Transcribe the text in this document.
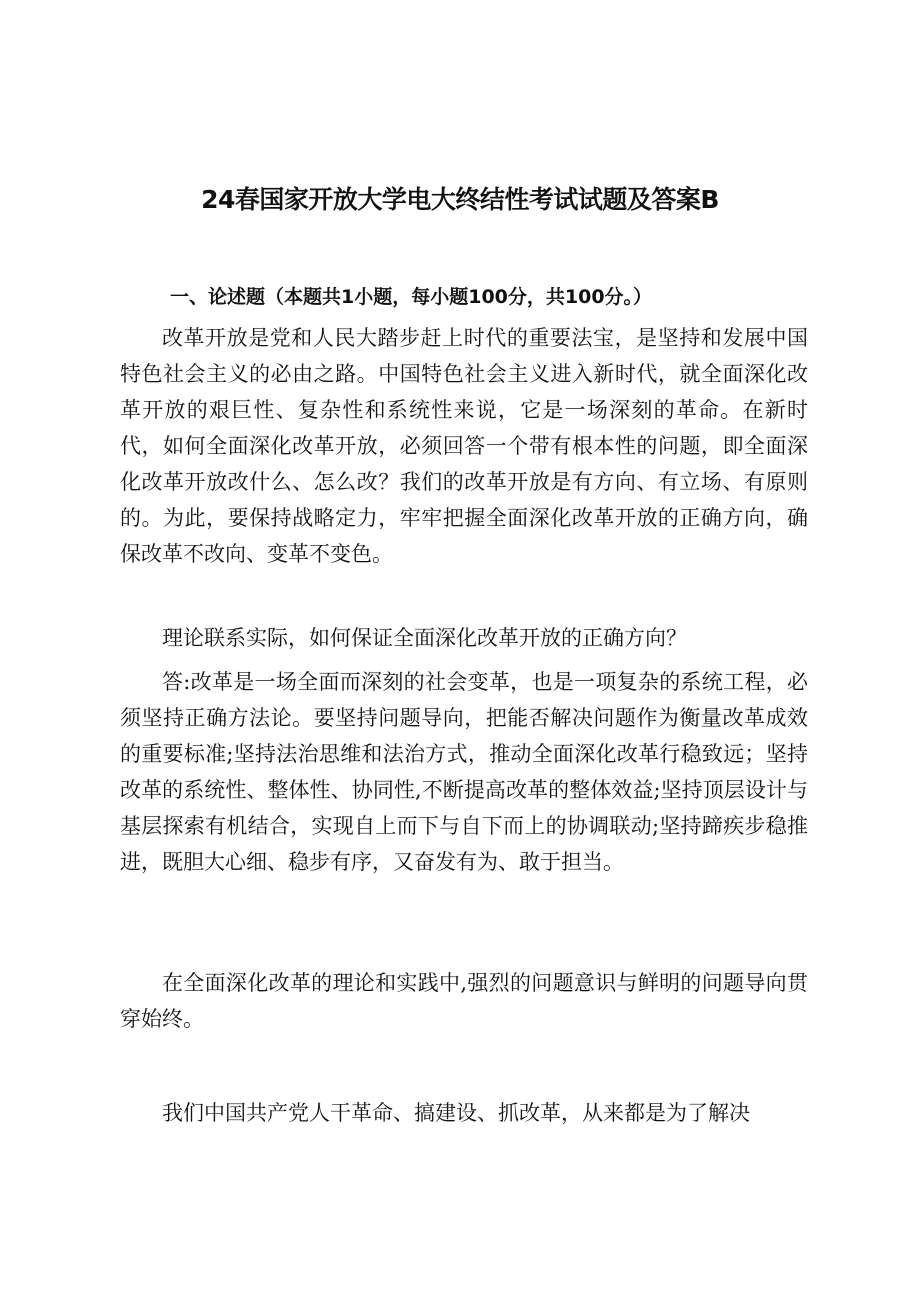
24春国家开放大学电大终结性考试试题及答案B
一、论述题（本题共1小题，每小题100分，共100分。）

改革开放是党和人民大踏步赶上时代的重要法宝，是坚持和发展中国特色社会主义的必由之路。中国特色社会主义进入新时代，就全面深化改革开放的艰巨性、复杂性和系统性来说，它是一场深刻的革命。在新时代，如何全面深化改革开放，必须回答一个带有根本性的问题，即全面深化改革开放改什么、怎么改？我们的改革开放是有方向、有立场、有原则的。为此，要保持战略定力，牢牢把握全面深化改革开放的正确方向，确保改革不改向、变革不变色。

理论联系实际，如何保证全面深化改革开放的正确方向？

答:改革是一场全面而深刻的社会变革，也是一项复杂的系统工程，必须坚持正确方法论。要坚持问题导向，把能否解决问题作为衡量改革成效的重要标准;坚持法治思维和法治方式，推动全面深化改革行稳致远；坚持改革的系统性、整体性、协同性,不断提高改革的整体效益;坚持顶层设计与基层探索有机结合，实现自上而下与自下而上的协调联动;坚持蹄疾步稳推进，既胆大心细、稳步有序，又奋发有为、敢于担当。

在全面深化改革的理论和实践中,强烈的问题意识与鲜明的问题导向贯穿始终。

我们中国共产党人干革命、搞建设、抓改革，从来都是为了解决
